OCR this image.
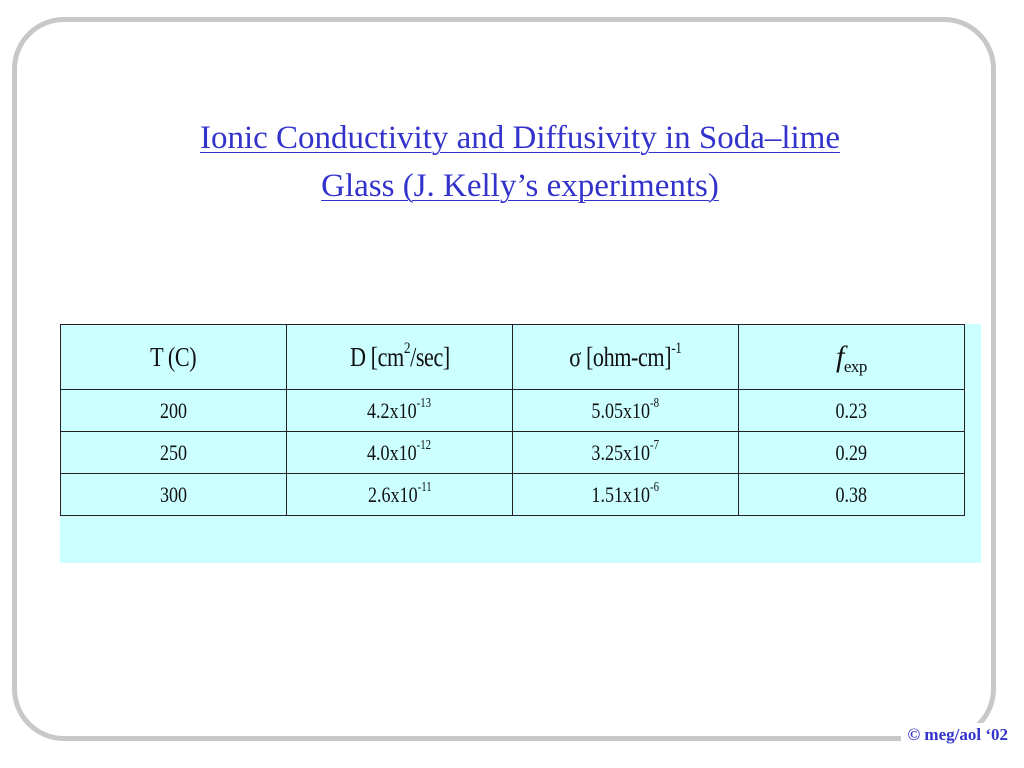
Ionic Conductivity and Diffusivity in Soda–lime
Glass (J. Kelly’s experiments)
T (C)	D $[cm^2/\sec]$	σ $[ohm-cm]^{-1}$	$f_{exp}$
200	$4.2x10^{-13}$	$5.05x10^{-8}$	0.23
250	$4.0x10^{-12}$	$3.25x10^{-7}$	0.29
300	$2.6x10^{-11}$	$1.51x10^{-6}$	0.38
© meg/aol ‘02
